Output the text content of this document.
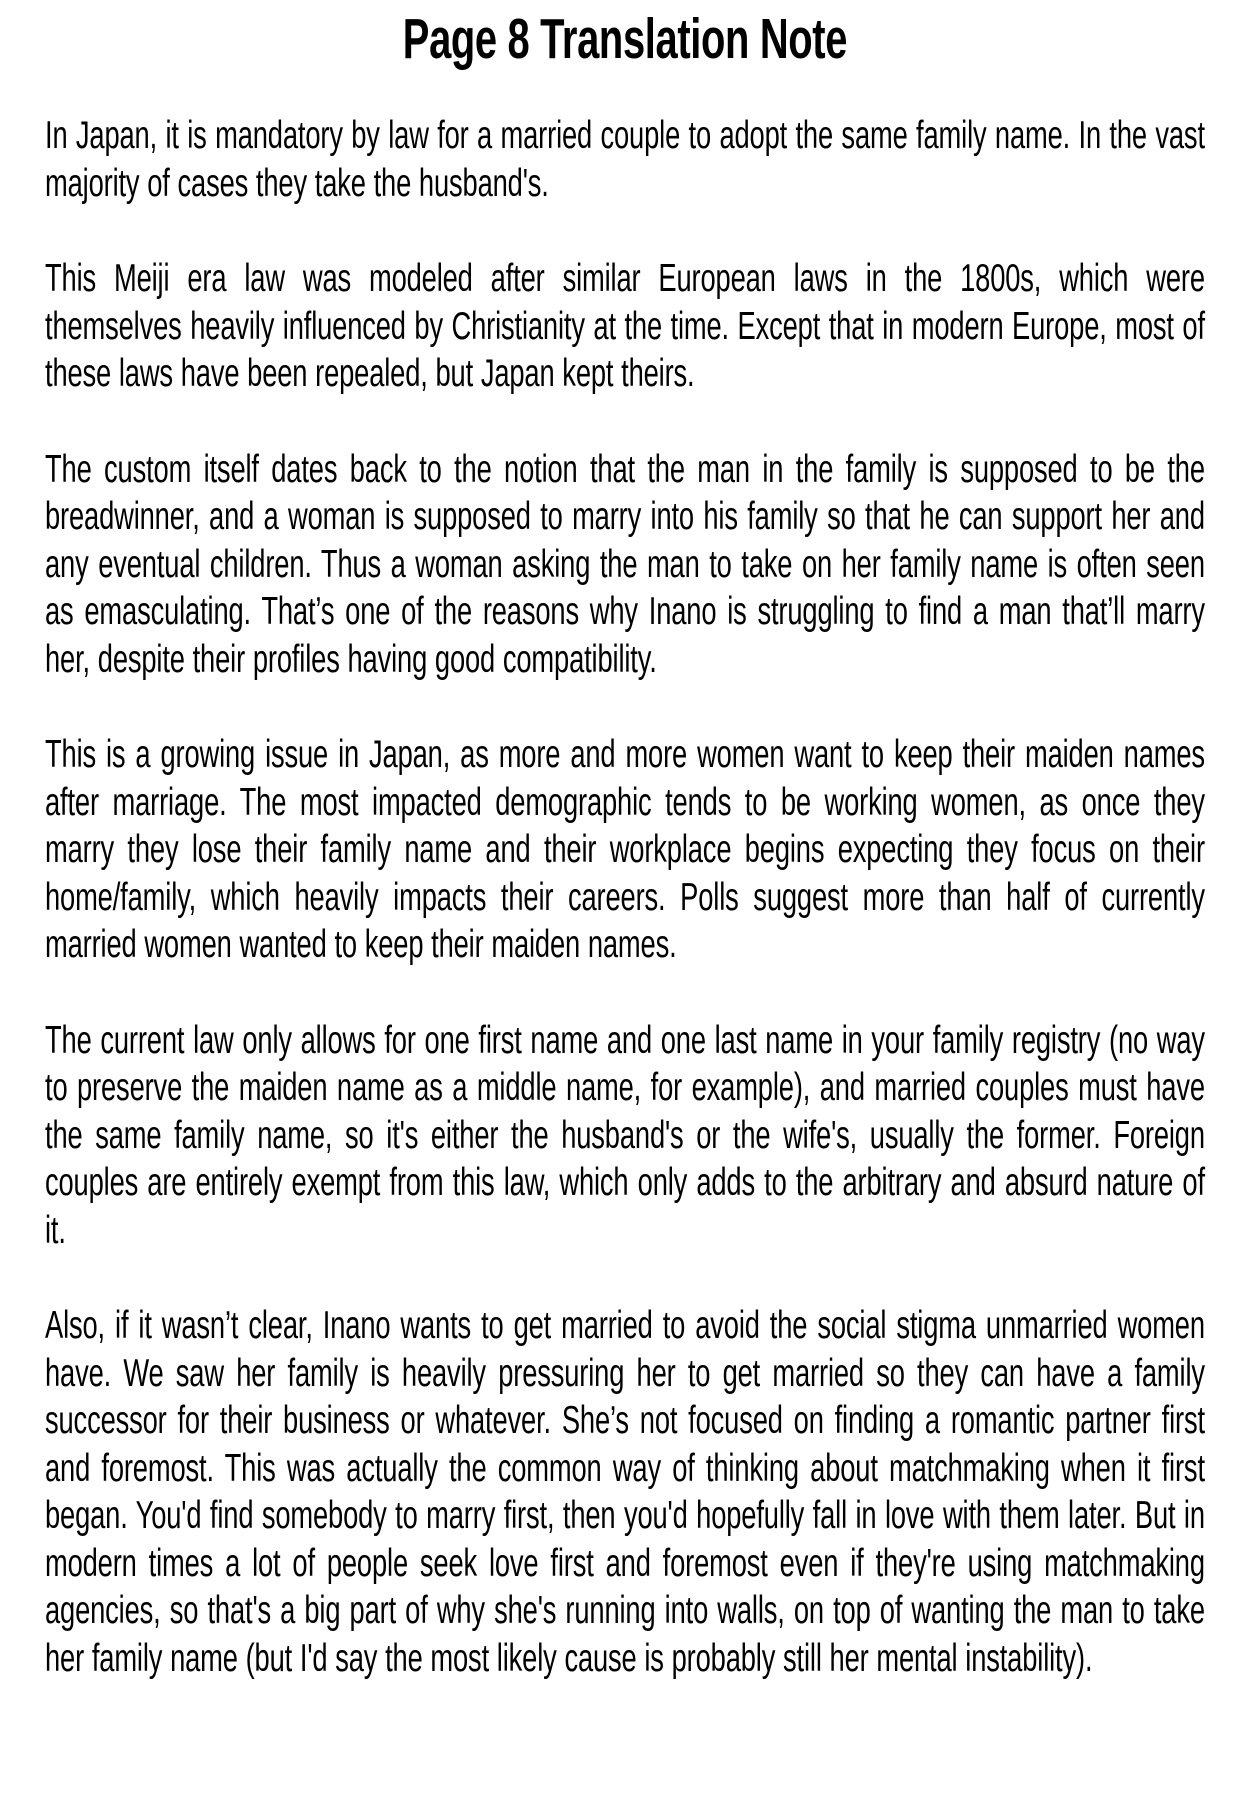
Page 8 Translation Note

In Japan, it is mandatory by law for a married couple to adopt the same family name. In the vast majority of cases they take the husband's.

This Meiji era law was modeled after similar European laws in the 1800s, which were themselves heavily influenced by Christianity at the time. Except that in modern Europe, most of these laws have been repealed, but Japan kept theirs.

The custom itself dates back to the notion that the man in the family is supposed to be the breadwinner, and a woman is supposed to marry into his family so that he can support her and any eventual children. Thus a woman asking the man to take on her family name is often seen as emasculating. That’s one of the reasons why Inano is struggling to find a man that’ll marry her, despite their profiles having good compatibility.

This is a growing issue in Japan, as more and more women want to keep their maiden names after marriage. The most impacted demographic tends to be working women, as once they marry they lose their family name and their workplace begins expecting they focus on their home/family, which heavily impacts their careers. Polls suggest more than half of currently married women wanted to keep their maiden names.

The current law only allows for one first name and one last name in your family registry (no way to preserve the maiden name as a middle name, for example), and married couples must have the same family name, so it's either the husband's or the wife's, usually the former. Foreign couples are entirely exempt from this law, which only adds to the arbitrary and absurd nature of it.

Also, if it wasn’t clear, Inano wants to get married to avoid the social stigma unmarried women have. We saw her family is heavily pressuring her to get married so they can have a family successor for their business or whatever. She’s not focused on finding a romantic partner first and foremost. This was actually the common way of thinking about matchmaking when it first began. You'd find somebody to marry first, then you'd hopefully fall in love with them later. But in modern times a lot of people seek love first and foremost even if they're using matchmaking agencies, so that's a big part of why she's running into walls, on top of wanting the man to take her family name (but I'd say the most likely cause is probably still her mental instability).
